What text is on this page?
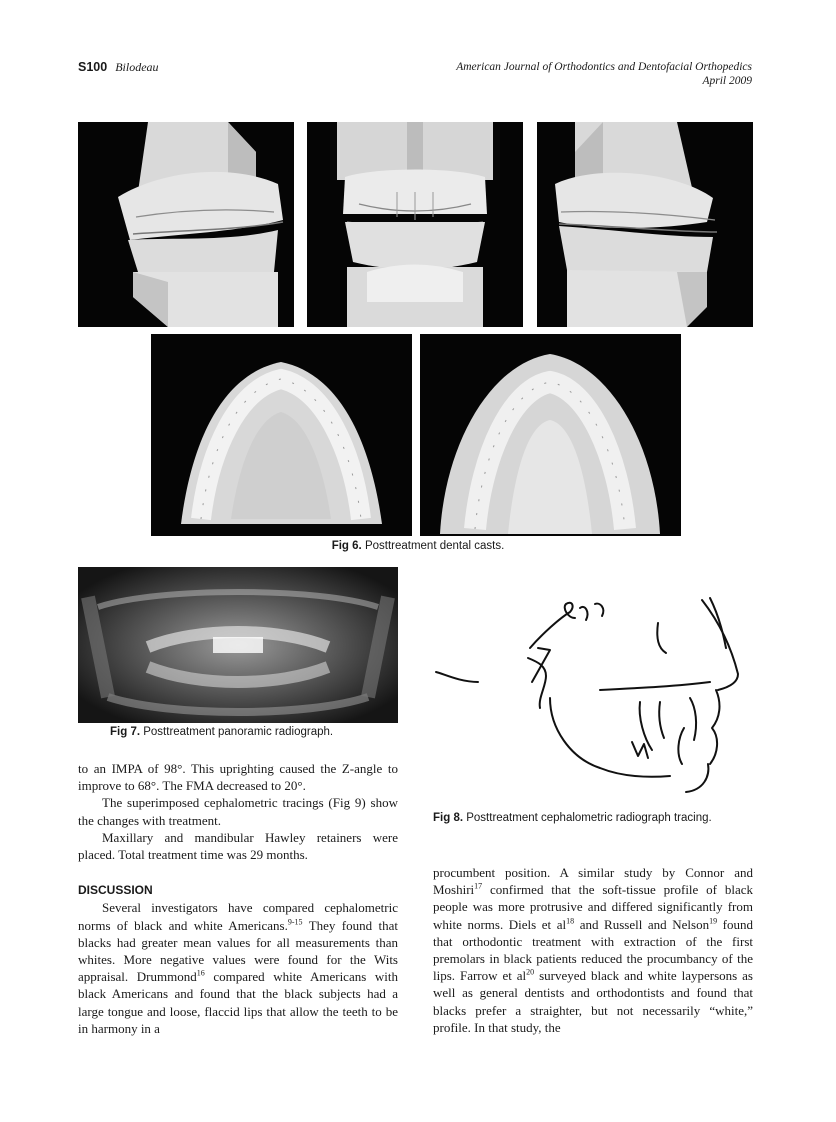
S100 Bilodeau	American Journal of Orthodontics and Dentofacial Orthopedics
April 2009
Fig 6. Posttreatment dental casts.
Fig 7. Posttreatment panoramic radiograph.
Fig 8. Posttreatment cephalometric radiograph tracing.

to an IMPA of 98°. This uprighting caused the Z-angle to improve to 68°. The FMA decreased to 20°.

The superimposed cephalometric tracings (Fig 9) show the changes with treatment.

Maxillary and mandibular Hawley retainers were placed. Total treatment time was 29 months.

DISCUSSION

Several investigators have compared cephalometric norms of black and white Americans.$^{9-15}$ They found that blacks had greater mean values for all measurements than whites. More negative values were found for the Wits appraisal. Drummond$^{16}$ compared white Americans with black Americans and found that the black subjects had a large tongue and loose, flaccid lips that allow the teeth to be in harmony in a

procumbent position. A similar study by Connor and Moshiri$^{17}$ confirmed that the soft-tissue profile of black people was more protrusive and differed significantly from white norms. Diels et $al^{18}$ and Russell and Nelson$^{19}$ found that orthodontic treatment with extraction of the first premolars in black patients reduced the procumbancy of the lips. Farrow et $al^{20}$ surveyed black and white laypersons as well as general dentists and orthodontists and found that blacks prefer a straighter, but not necessarily “white,” profile. In that study, the
